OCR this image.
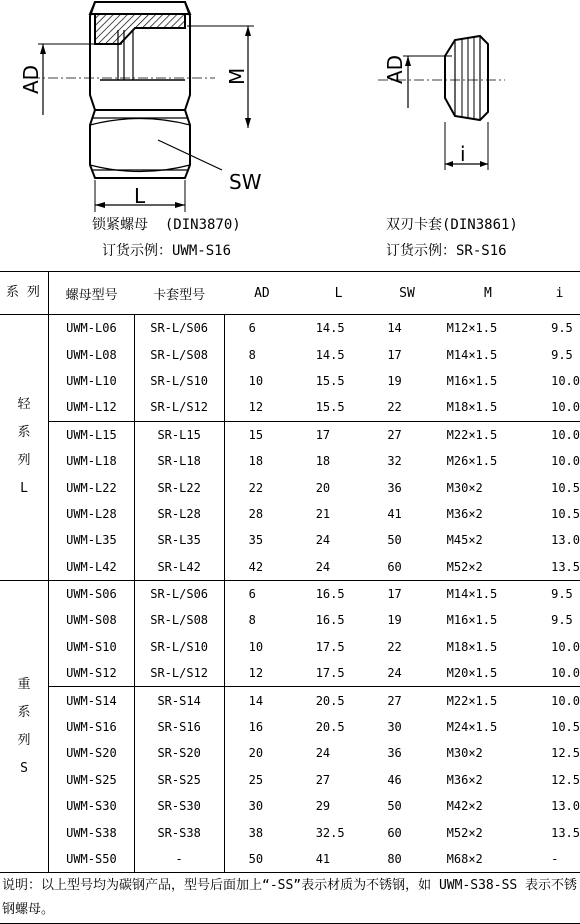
AD	M
SW
L
AD
i
锁紧螺母  (DIN3870)
订货示例：UWM-S16
双刃卡套(DIN3861)
订货示例：SR-S16
系 列	螺母型号	卡套型号	AD	L	SW	M	i

轻
系
列
L	UWM-L06	SR-L/S06	6	14.5	14	M12×1.5	9.5
	UWM-L08	SR-L/S08	8	14.5	17	M14×1.5	9.5
	UWM-L10	SR-L/S10	10	15.5	19	M16×1.5	10.0
	UWM-L12	SR-L/S12	12	15.5	22	M18×1.5	10.0
	UWM-L15	SR-L15	15	17	27	M22×1.5	10.0
	UWM-L18	SR-L18	18	18	32	M26×1.5	10.0
	UWM-L22	SR-L22	22	20	36	M30×2	10.5
	UWM-L28	SR-L28	28	21	41	M36×2	10.5
	UWM-L35	SR-L35	35	24	50	M45×2	13.0
	UWM-L42	SR-L42	42	24	60	M52×2	13.5

重
系
列
S	UWM-S06	SR-L/S06	6	16.5	17	M14×1.5	9.5
	UWM-S08	SR-L/S08	8	16.5	19	M16×1.5	9.5
	UWM-S10	SR-L/S10	10	17.5	22	M18×1.5	10.0
	UWM-S12	SR-L/S12	12	17.5	24	M20×1.5	10.0
	UWM-S14	SR-S14	14	20.5	27	M22×1.5	10.0
	UWM-S16	SR-S16	16	20.5	30	M24×1.5	10.5
	UWM-S20	SR-S20	20	24	36	M30×2	12.5
	UWM-S25	SR-S25	25	27	46	M36×2	12.5
	UWM-S30	SR-S30	30	29	50	M42×2	13.0
	UWM-S38	SR-S38	38	32.5	60	M52×2	13.5
	UWM-S50	-	50	41	80	M68×2	-
说明：以上型号均为碳钢产品，型号后面加上“-SS”表示材质为不锈钢，如 UWM-S38-SS 表示不锈钢螺母。							
